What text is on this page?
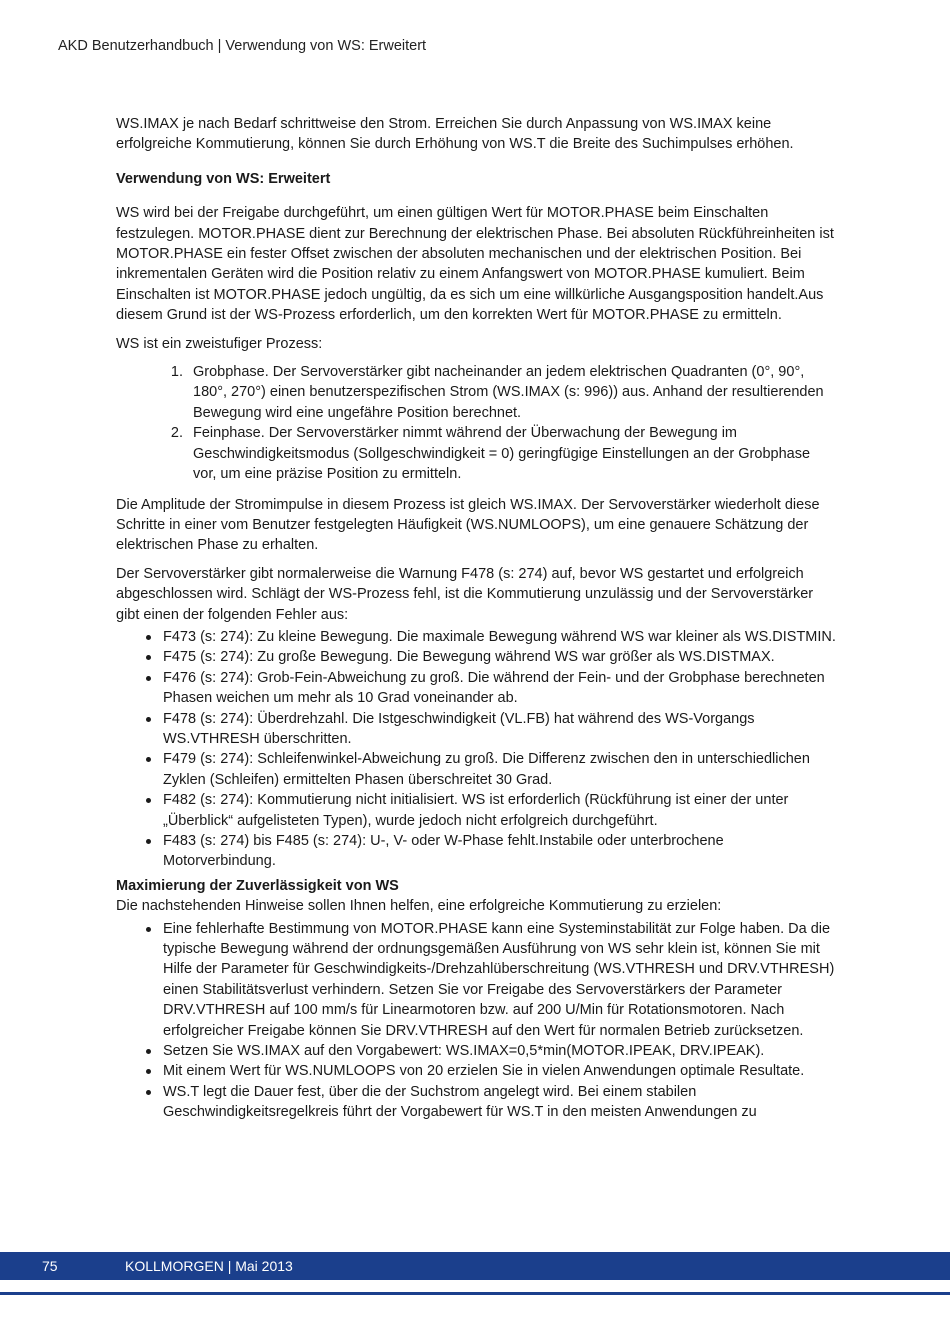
AKD Benutzerhandbuch | Verwendung von WS: Erweitert

WS.IMAX je nach Bedarf schrittweise den Strom. Erreichen Sie durch Anpassung von WS.IMAX keine erfolgreiche Kommutierung, können Sie durch Erhöhung von WS.T die Breite des Suchimpulses erhöhen.

Verwendung von WS: Erweitert

WS wird bei der Freigabe durchgeführt, um einen gültigen Wert für MOTOR.PHASE beim Einschalten festzulegen. MOTOR.PHASE dient zur Berechnung der elektrischen Phase. Bei absoluten Rückführeinheiten ist MOTOR.PHASE ein fester Offset zwischen der absoluten mechanischen und der elektrischen Position. Bei inkrementalen Geräten wird die Position relativ zu einem Anfangswert von MOTOR.PHASE kumuliert. Beim Einschalten ist MOTOR.PHASE jedoch ungültig, da es sich um eine willkürliche Ausgangsposition handelt.Aus diesem Grund ist der WS-Prozess erforderlich, um den korrekten Wert für MOTOR.PHASE zu ermitteln.

WS ist ein zweistufiger Prozess:

1. Grobphase. Der Servoverstärker gibt nacheinander an jedem elektrischen Quadranten (0°, 90°, 180°, 270°) einen benutzerspezifischen Strom (WS.IMAX (s: 996)) aus. Anhand der resultierenden Bewegung wird eine ungefähre Position berechnet.
2. Feinphase. Der Servoverstärker nimmt während der Überwachung der Bewegung im Geschwindigkeitsmodus (Sollgeschwindigkeit = 0) geringfügige Einstellungen an der Grobphase vor, um eine präzise Position zu ermitteln.

Die Amplitude der Stromimpulse in diesem Prozess ist gleich WS.IMAX. Der Servoverstärker wiederholt diese Schritte in einer vom Benutzer festgelegten Häufigkeit (WS.NUMLOOPS), um eine genauere Schätzung der elektrischen Phase zu erhalten.

Der Servoverstärker gibt normalerweise die Warnung F478 (s: 274) auf, bevor WS gestartet und erfolgreich abgeschlossen wird. Schlägt der WS-Prozess fehl, ist die Kommutierung unzulässig und der Servoverstärker gibt einen der folgenden Fehler aus:

F473 (s: 274): Zu kleine Bewegung. Die maximale Bewegung während WS war kleiner als WS.DISTMIN.
F475 (s: 274): Zu große Bewegung. Die Bewegung während WS war größer als WS.DISTMAX.
F476 (s: 274): Grob-Fein-Abweichung zu groß. Die während der Fein- und der Grobphase berechneten Phasen weichen um mehr als 10 Grad voneinander ab.
F478 (s: 274): Überdrehzahl. Die Istgeschwindigkeit (VL.FB) hat während des WS-Vorgangs WS.VTHRESH überschritten.
F479 (s: 274): Schleifenwinkel-Abweichung zu groß. Die Differenz zwischen den in unterschiedlichen Zyklen (Schleifen) ermittelten Phasen überschreitet 30 Grad.
F482 (s: 274): Kommutierung nicht initialisiert. WS ist erforderlich (Rückführung ist einer der unter „Überblick“ aufgelisteten Typen), wurde jedoch nicht erfolgreich durchgeführt.
F483 (s: 274) bis F485 (s: 274): U-, V- oder W-Phase fehlt.Instabile oder unterbrochene Motorverbindung.
Maximierung der Zuverlässigkeit von WS

Die nachstehenden Hinweise sollen Ihnen helfen, eine erfolgreiche Kommutierung zu erzielen:

Eine fehlerhafte Bestimmung von MOTOR.PHASE kann eine Systeminstabilität zur Folge haben. Da die typische Bewegung während der ordnungsgemäßen Ausführung von WS sehr klein ist, können Sie mit Hilfe der Parameter für Geschwindigkeits-/Drehzahlüberschreitung (WS.VTHRESH und DRV.VTHRESH) einen Stabilitätsverlust verhindern. Setzen Sie vor Freigabe des Servoverstärkers der Parameter DRV.VTHRESH auf 100 mm/s für Linearmotoren bzw. auf 200 U/Min für Rotationsmotoren. Nach erfolgreicher Freigabe können Sie DRV.VTHRESH auf den Wert für normalen Betrieb zurücksetzen.
Setzen Sie WS.IMAX auf den Vorgabewert: WS.IMAX=0,5*min(MOTOR.IPEAK, DRV.IPEAK).
Mit einem Wert für WS.NUMLOOPS von 20 erzielen Sie in vielen Anwendungen optimale Resultate.
WS.T legt die Dauer fest, über die der Suchstrom angelegt wird. Bei einem stabilen Geschwindigkeitsregelkreis führt der Vorgabewert für WS.T in den meisten Anwendungen zu
75	KOLLMORGEN | Mai 2013
